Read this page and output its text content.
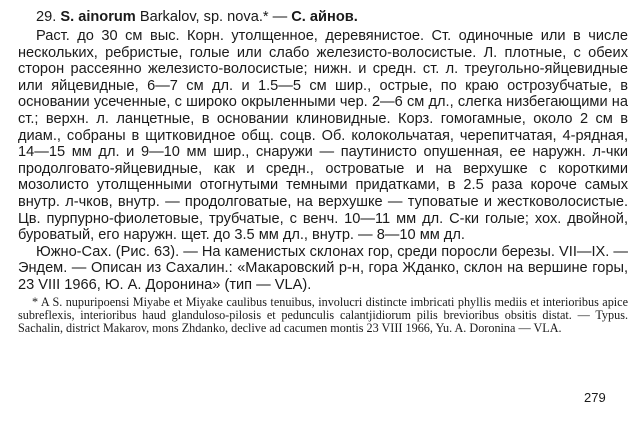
29. S. ainorum Barkalov, sp. nova.* — С. айнов.

Раст. до 30 см выс. Корн. утолщенное, деревянистое. Ст. одиночные или в числе нескольких, ребристые, голые или слабо железисто-волосистые. Л. плотные, с обеих сторон рассеянно железисто-волосистые; нижн. и средн. ст. л. треугольно-яйцевидные или яйцевидные, 6—7 см дл. и 1.5—5 см шир., острые, по краю острозубчатые, в основании усеченные, с широко окрыленными чер. 2—6 см дл., слегка низбегающими на ст.; верхн. л. ланцетные, в основании клиновидные. Корз. гомогамные, около 2 см в диам., собраны в щитковидное общ. соцв. Об. колокольчатая, черепитчатая, 4-рядная, 14—15 мм дл. и 9—10 мм шир., снаружи — паутинисто опушенная, ее наружн. л-чки продолговато-яйцевидные, как и средн., островатые и на верхушке с короткими мозолисто утолщенными отогнутыми темными придатками, в 2.5 раза короче самых внутр. л-чков, внутр. — продолговатые, на верхушке — туповатые и жестковолосистые. Цв. пурпурно-фиолетовые, трубчатые, с венч. 10—11 мм дл. С-ки голые; хох. двойной, буроватый, его наружн. щет. до 3.5 мм дл., внутр. — 8—10 мм дл.

Южно-Сах. (Рис. 63). — На каменистых склонах гор, среди поросли березы. VII—IX. — Эндем. — Описан из Сахалин.: «Макаровский р-н, гора Жданко, склон на вершине горы, 23 VIII 1966, Ю. А. Доронина» (тип — VLA).

* A S. nupuripoensi Miyabe et Miyake caulibus tenuibus, involucri distincte imbricati phyllis mediis et interioribus apice subreflexis, interioribus haud glanduloso-pilosis et pedunculis calantjidiorum pilis brevioribus obsitis distat. — Typus. Sachalin, district Makarov, mons Zhdanko, declive ad cacumen montis 23 VIII 1966, Yu. A. Doronina — VLA.

279
